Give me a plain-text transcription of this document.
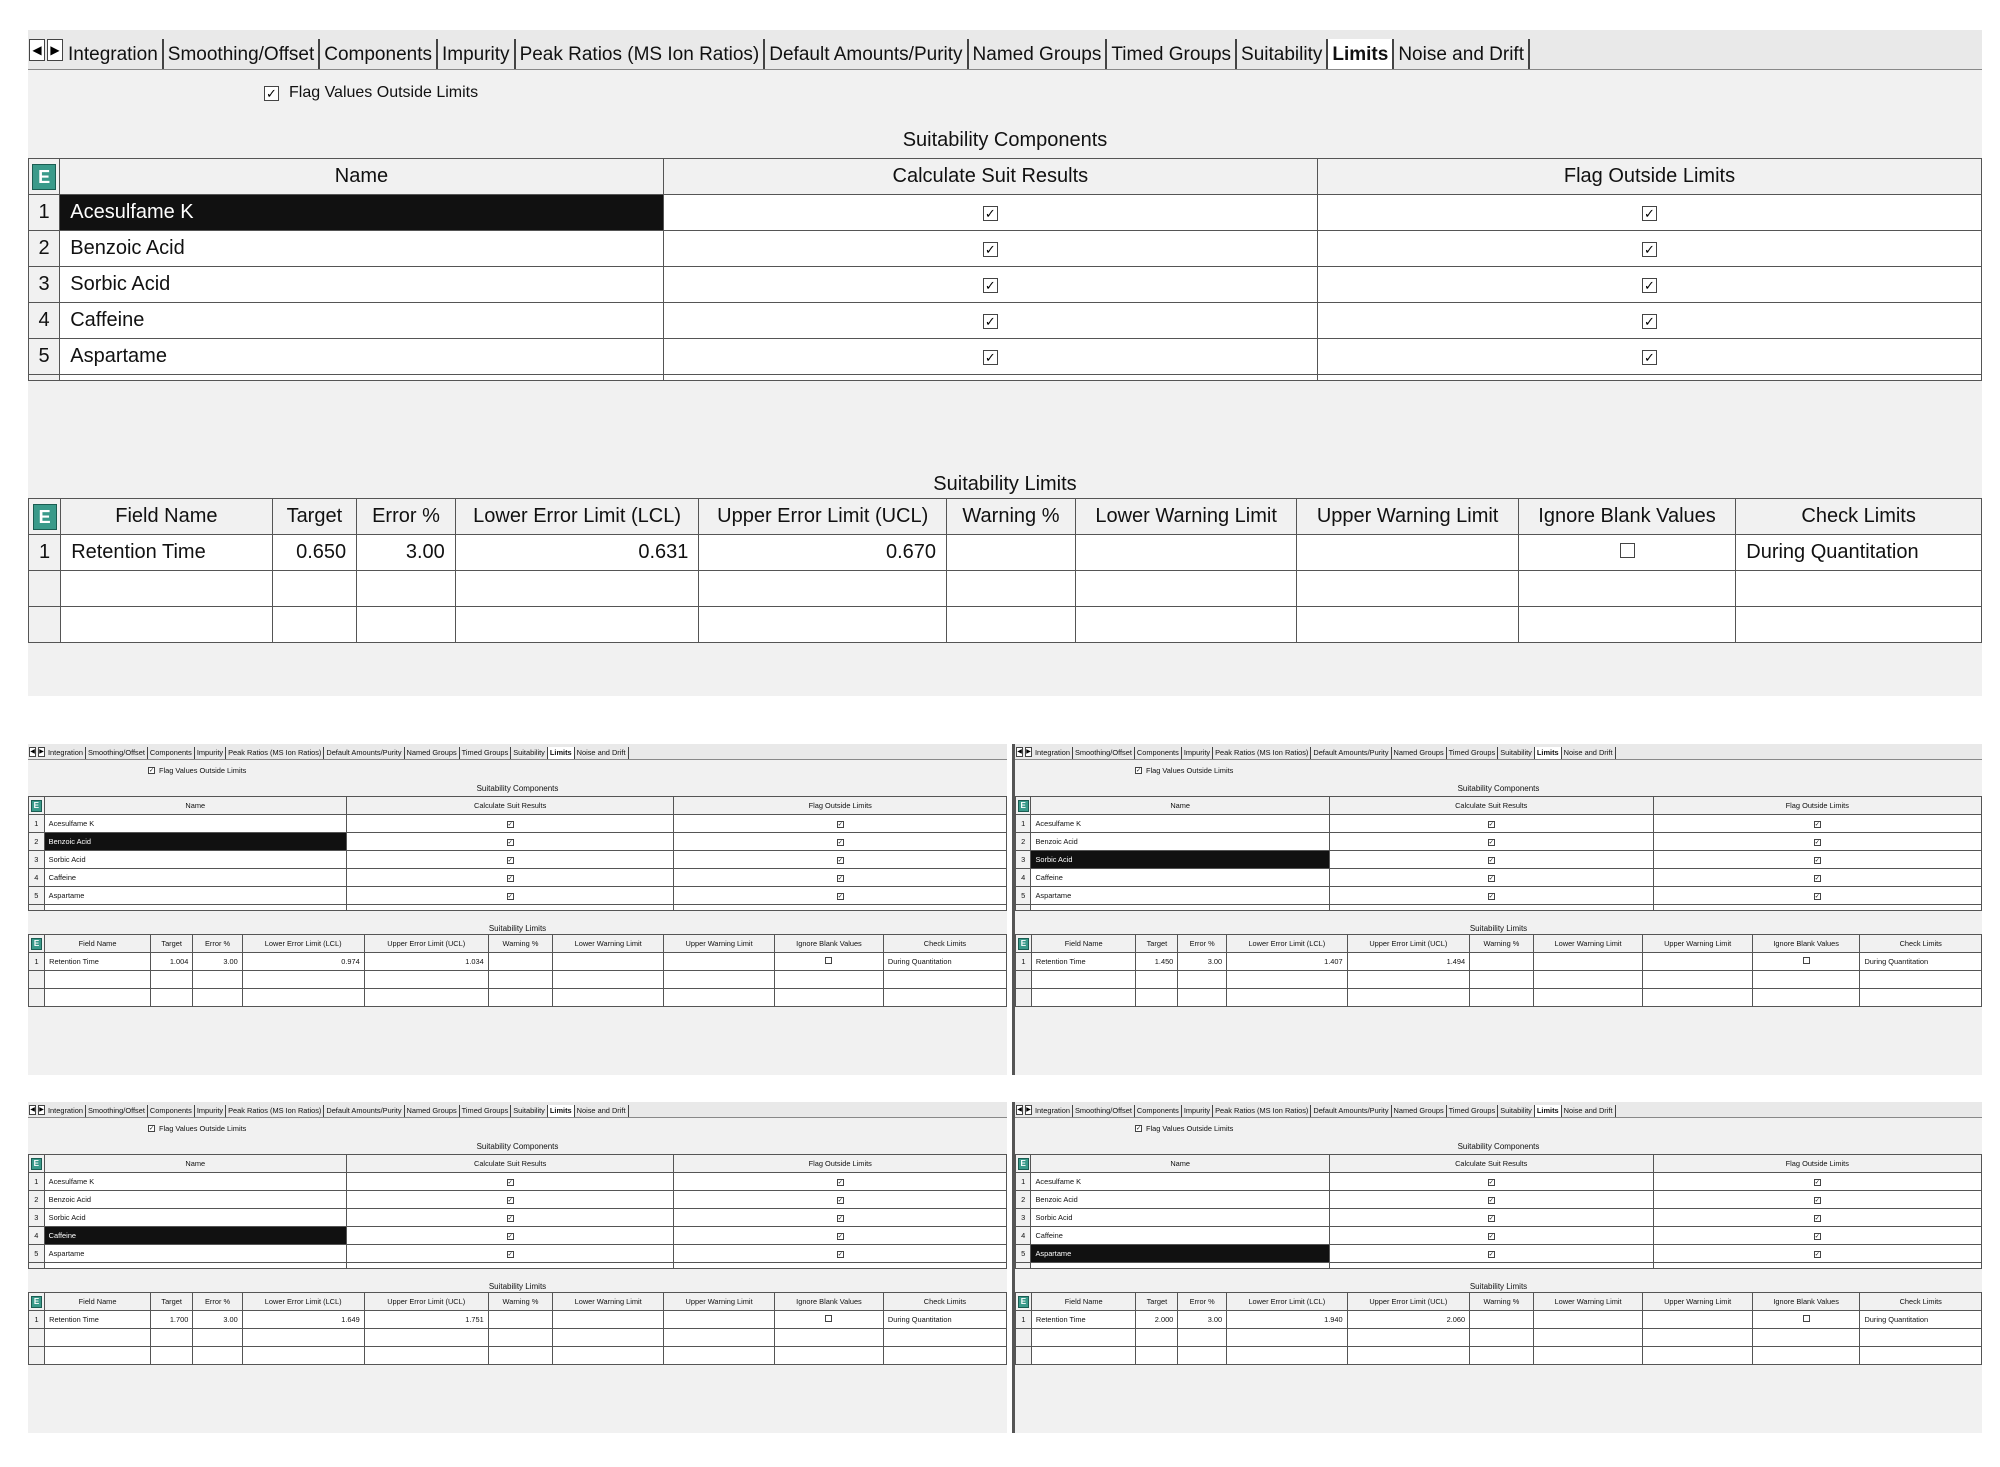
◀ ▶ Integration Smoothing/Offset Components Impurity Peak Ratios (MS Ion Ratios) Default Amounts/Purity Named Groups Timed Groups Suitability Limits Noise and Drift
✓ Flag Values Outside Limits
Suitability Components
E	Name	Calculate Suit Results	Flag Outside Limits
1	Acesulfame K	✓	✓
2	Benzoic Acid	✓	✓
3	Sorbic Acid	✓	✓
4	Caffeine	✓	✓
5	Aspartame	✓	✓

Suitability Limits
E	Field Name	Target	Error %	Lower Error Limit (LCL)	Upper Error Limit (UCL)	Warning %	Lower Warning Limit	Upper Warning Limit	Ignore Blank Values	Check Limits
1	Retention Time	0.650	3.00	0.631	0.670					During Quantitation

◀ ▶ Integration Smoothing/Offset Components Impurity Peak Ratios (MS Ion Ratios) Default Amounts/Purity Named Groups Timed Groups Suitability Limits Noise and Drift
✓ Flag Values Outside Limits
Suitability Components
E	Name	Calculate Suit Results	Flag Outside Limits
1	Acesulfame K	✓	✓
2	Benzoic Acid	✓	✓
3	Sorbic Acid	✓	✓
4	Caffeine	✓	✓
5	Aspartame	✓	✓

Suitability Limits
E	Field Name	Target	Error %	Lower Error Limit (LCL)	Upper Error Limit (UCL)	Warning %	Lower Warning Limit	Upper Warning Limit	Ignore Blank Values	Check Limits
1	Retention Time	1.004	3.00	0.974	1.034					During Quantitation

◀ ▶ Integration Smoothing/Offset Components Impurity Peak Ratios (MS Ion Ratios) Default Amounts/Purity Named Groups Timed Groups Suitability Limits Noise and Drift
✓ Flag Values Outside Limits
Suitability Components
E	Name	Calculate Suit Results	Flag Outside Limits
1	Acesulfame K	✓	✓
2	Benzoic Acid	✓	✓
3	Sorbic Acid	✓	✓
4	Caffeine	✓	✓
5	Aspartame	✓	✓

Suitability Limits
E	Field Name	Target	Error %	Lower Error Limit (LCL)	Upper Error Limit (UCL)	Warning %	Lower Warning Limit	Upper Warning Limit	Ignore Blank Values	Check Limits
1	Retention Time	1.450	3.00	1.407	1.494					During Quantitation

◀ ▶ Integration Smoothing/Offset Components Impurity Peak Ratios (MS Ion Ratios) Default Amounts/Purity Named Groups Timed Groups Suitability Limits Noise and Drift
✓ Flag Values Outside Limits
Suitability Components
E	Name	Calculate Suit Results	Flag Outside Limits
1	Acesulfame K	✓	✓
2	Benzoic Acid	✓	✓
3	Sorbic Acid	✓	✓
4	Caffeine	✓	✓
5	Aspartame	✓	✓

Suitability Limits
E	Field Name	Target	Error %	Lower Error Limit (LCL)	Upper Error Limit (UCL)	Warning %	Lower Warning Limit	Upper Warning Limit	Ignore Blank Values	Check Limits
1	Retention Time	1.700	3.00	1.649	1.751					During Quantitation

◀ ▶ Integration Smoothing/Offset Components Impurity Peak Ratios (MS Ion Ratios) Default Amounts/Purity Named Groups Timed Groups Suitability Limits Noise and Drift
✓ Flag Values Outside Limits
Suitability Components
E	Name	Calculate Suit Results	Flag Outside Limits
1	Acesulfame K	✓	✓
2	Benzoic Acid	✓	✓
3	Sorbic Acid	✓	✓
4	Caffeine	✓	✓
5	Aspartame	✓	✓

Suitability Limits
E	Field Name	Target	Error %	Lower Error Limit (LCL)	Upper Error Limit (UCL)	Warning %	Lower Warning Limit	Upper Warning Limit	Ignore Blank Values	Check Limits
1	Retention Time	2.000	3.00	1.940	2.060					During Quantitation
